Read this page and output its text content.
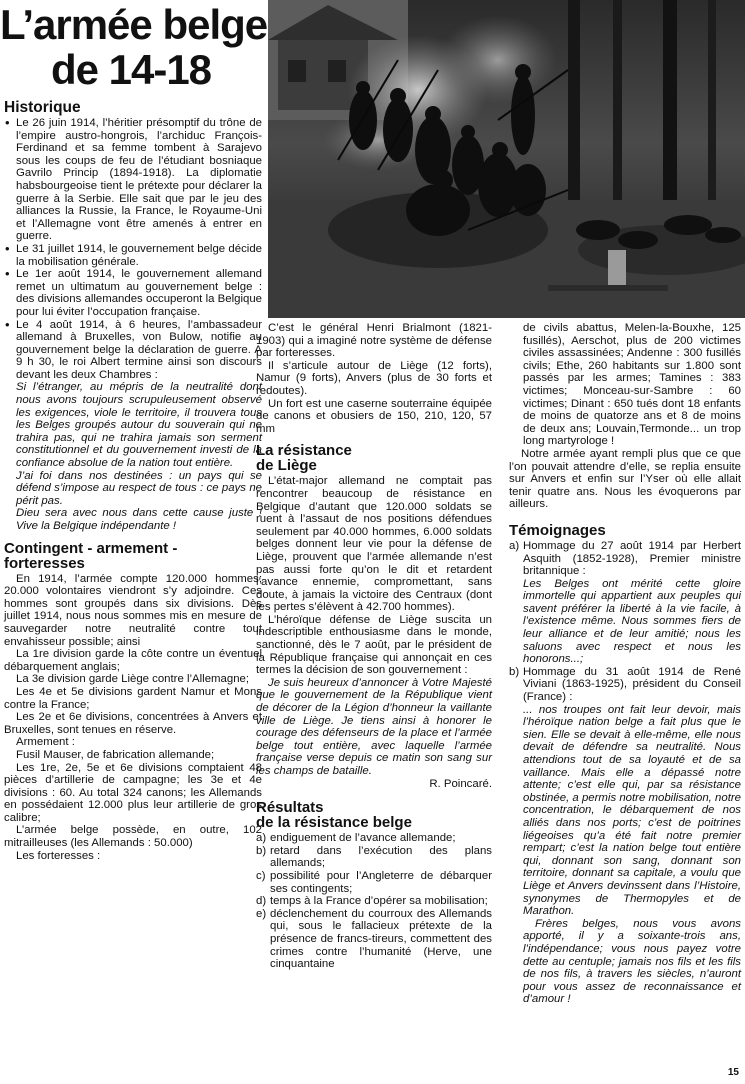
L’armée belge
de 14-18
Historique
• Le 26 juin 1914, l’héritier présomptif du trône de l’empire austro-hongrois, l’archiduc François-Ferdinand et sa femme tombent à Sarajevo sous les coups de feu de l’étudiant bosniaque Gavrilo Princip (1894-1918). La diplomatie habsbourgeoise tient le prétexte pour déclarer la guerre à la Serbie. Elle sait que par le jeu des alliances la Russie, la France, le Royaume-Uni et l’Allemagne vont être amenés à entrer en guerre.
• Le 31 juillet 1914, le gouvernement belge décide la mobilisation générale.
• Le 1er août 1914, le gouvernement allemand remet un ultimatum au gouvernement belge : des divisions allemandes occuperont la Belgique pour lui éviter l’occupation française.
• Le 4 août 1914, à 6 heures, l’ambassadeur allemand à Bruxelles, von Bulow, notifie au gouvernement belge la déclaration de guerre. A 9 h 30, le roi Albert termine ainsi son discours devant les deux Chambres :

Si l’étranger, au mépris de la neutralité dont nous avons toujours scrupuleusement observé les exigences, viole le territoire, il trouvera tous les Belges groupés autour du souverain qui ne trahira pas, qui ne trahira jamais son serment constitutionnel et du gouvernement investi de la confiance absolue de la nation tout entière.

J’ai foi dans nos destinées : un pays qui se défend s’impose au respect de tous : ce pays ne périt pas.

Dieu sera avec nous dans cette cause juste ! Vive la Belgique indépendante !

Contingent - armement - forteresses

En 1914, l’armée compte 120.000 hommes; 20.000 volontaires viendront s’y adjoindre. Ces hommes sont groupés dans six divisions. Dès juillet 1914, nous nous sommes mis en mesure de sauvegarder notre neutralité contre tout envahisseur possible; ainsi

La 1re division garde la côte contre un éventuel débarquement anglais;

La 3e division garde Liège contre l’Allemagne;

Les 4e et 5e divisions gardent Namur et Mons contre la France;

Les 2e et 6e divisions, concentrées à Anvers et Bruxelles, sont tenues en réserve.

Armement :

Fusil Mauser, de fabrication allemande;

Les 1re, 2e, 5e et 6e divisions comptaient 48 pièces d’artillerie de campagne; les 3e et 4e divisions : 60. Au total 324 canons; les Allemands en possédaient 12.000 plus leur artillerie de gros calibre;

L’armée belge possède, en outre, 102 mitrailleuses (les Allemands : 50.000)

Les forteresses :

C’est le général Henri Brialmont (1821-1903) qui a imaginé notre système de défense par forteresses.

Il s’articule autour de Liège (12 forts), Namur (9 forts), Anvers (plus de 30 forts et redoutes).

Un fort est une caserne souterraine équipée de canons et obusiers de 150, 210, 120, 57 mm

La résistance
de Liège

L’état-major allemand ne comptait pas rencontrer beaucoup de résistance en Belgique d’autant que 120.000 soldats se ruent à l’assaut de nos positions défendues seulement par 40.000 hommes, 6.000 soldats belges donnent leur vie pour la défense de Liège, prouvent que l’armée allemande n’est pas aussi forte qu’on le dit et retardent l’avance ennemie, compromettant, sans doute, à jamais la victoire des Centraux (dont les pertes s’élèvent à 42.700 hommes).

L’héroïque défense de Liège suscita un indescriptible enthousiasme dans le monde, sanctionné, dès le 7 août, par le président de la République française qui annonçait en ces termes la décision de son gouvernement :

Je suis heureux d’annoncer à Votre Majesté que le gouvernement de la République vient de décorer de la Légion d’honneur la vaillante ville de Liège. Je tiens ainsi à honorer le courage des défenseurs de la place et l’armée belge tout entière, avec laquelle l’armée française verse depuis ce matin son sang sur les champs de bataille.

R. Poincaré.

Résultats
de la résistance belge
a) endiguement de l’avance allemande;
b) retard dans l’exécution des plans allemands;
c) possibilité pour l’Angleterre de débarquer ses contingents;
d) temps à la France d’opérer sa mobilisation;
e) déclenchement du courroux des Allemands qui, sous le fallacieux prétexte de la présence de francs-tireurs, commettent des crimes contre l’humanité (Herve, une cinquantaine

de civils abattus, Melen-la-Bouxhe, 125 fusillés), Aerschot, plus de 200 victimes civiles assassinées; Andenne : 300 fusillés civils; Ethe, 260 habitants sur 1.800 sont passés par les armes; Tamines : 383 victimes; Monceau-sur-Sambre : 60 victimes; Dinant : 650 tués dont 18 enfants de moins de quatorze ans et 8 de moins de deux ans; Louvain,Termonde... un trop long martyrologe !

Notre armée ayant rempli plus que ce que l’on pouvait attendre d’elle, se replia ensuite sur Anvers et enfin sur l’Yser où elle allait tenir quatre ans. Nous les évoquerons par ailleurs.

Témoignages
a) Hommage du 27 août 1914 par Herbert Asquith (1852-1928), Premier ministre britannique :

Les Belges ont mérité cette gloire immortelle qui appartient aux peuples qui savent préférer la liberté à la vie facile, à l’existence même. Nous sommes fiers de leur alliance et de leur amitié; nous les saluons avec respect et nous les honorons...;

b) Hommage du 31 août 1914 de René Viviani (1863-1925), président du Conseil (France) :

... nos troupes ont fait leur devoir, mais l’héroïque nation belge a fait plus que le sien. Elle se devait à elle-même, elle nous devait de défendre sa neutralité. Nous attendions tout de sa loyauté et de sa vaillance. Mais elle a dépassé notre attente; c’est elle qui, par sa résistance obstinée, a permis notre mobilisation, notre concentration, le débarquement de nos alliés dans nos ports; c’est de poitrines liégeoises qu’a été fait notre premier rempart; c’est la nation belge tout entière qui, donnant son sang, donnant son territoire, donnant sa capitale, a voulu que Liège et Anvers devinssent dans l’Histoire, synonymes de Thermopyles et de Marathon.

Frères belges, nous vous avons apporté, il y a soixante-trois ans, l’indépendance; vous nous payez votre dette au centuple; jamais nos fils et les fils de nos fils, à travers les siècles, n’auront pour vous assez de reconnaissance et d’amour !

15
